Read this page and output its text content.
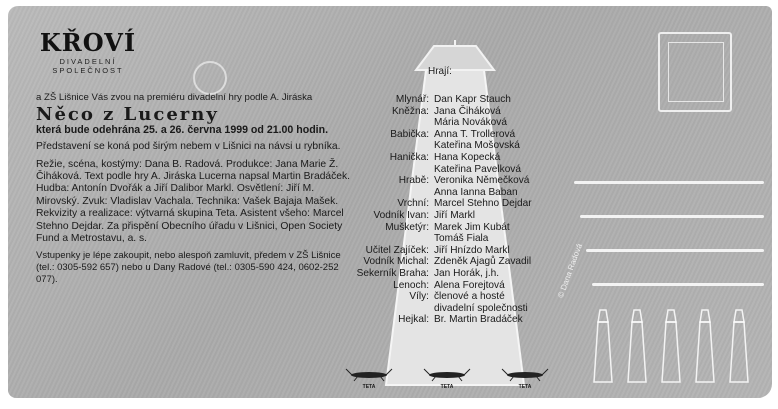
KŘOVÍ
DIVADELNÍ
SPOLEČNOST

a ZŠ Lišnice Vás zvou na premiéru divadelní hry podle A. Jiráska

Něco z Lucerny

která bude odehrána 25. a 26. června 1999 od 21.00 hodin.

Představení se koná pod širým nebem v Lišnici na návsi u rybníka.

Režie, scéna, kostýmy: Dana B. Radová. Produkce: Jana Marie Ž. Čiháková. Text podle hry A. Jiráska Lucerna napsal Martin Bradáček. Hudba: Antonín Dvořák a Jiří Dalibor Markl. Osvětlení: Jiří M. Mirovský. Zvuk: Vladislav Vachala. Technika: Vašek Bajaja Mašek. Rekvizity a realizace: výtvarná skupina Teta. Asistent všeho: Marcel Stehno Dejdar. Za přispění Obecního úřadu v Lišnici, Open Society Fund a Metrostavu, a. s.

Vstupenky je lépe zakoupit, nebo alespoň zamluvit, předem v ZŠ Lišnice (tel.: 0305-592 657) nebo u Dany Radové (tel.: 0305-590 424, 0602-252 077).

TETA	TETA	TETA
Hrají:
Mlynář: Dan Kapr Stauch
Kněžna: Jana Čiháková
Mária Nováková
Babička: Anna T. Trollerová
Kateřina Mošovská
Hanička: Hana Kopecká
Kateřina Pavelková
Hrabě: Veronika Němečková
Anna Ianna Baban
Vrchní: Marcel Stehno Dejdar
Vodník Ivan: Jiří Markl
Mušketýr: Marek Jim Kubát
Tomáš Fiala
Učitel Zajíček: Jiří Hnízdo Markl
Vodník Michal: Zdeněk Ajagů Zavadil
Sekerník Braha: Jan Horák, j.h.
Lenoch: Alena Forejtová
Víly: členové a hosté
divadelní společnosti
Hejkal: Br. Martin Bradáček
© Dana Radová
